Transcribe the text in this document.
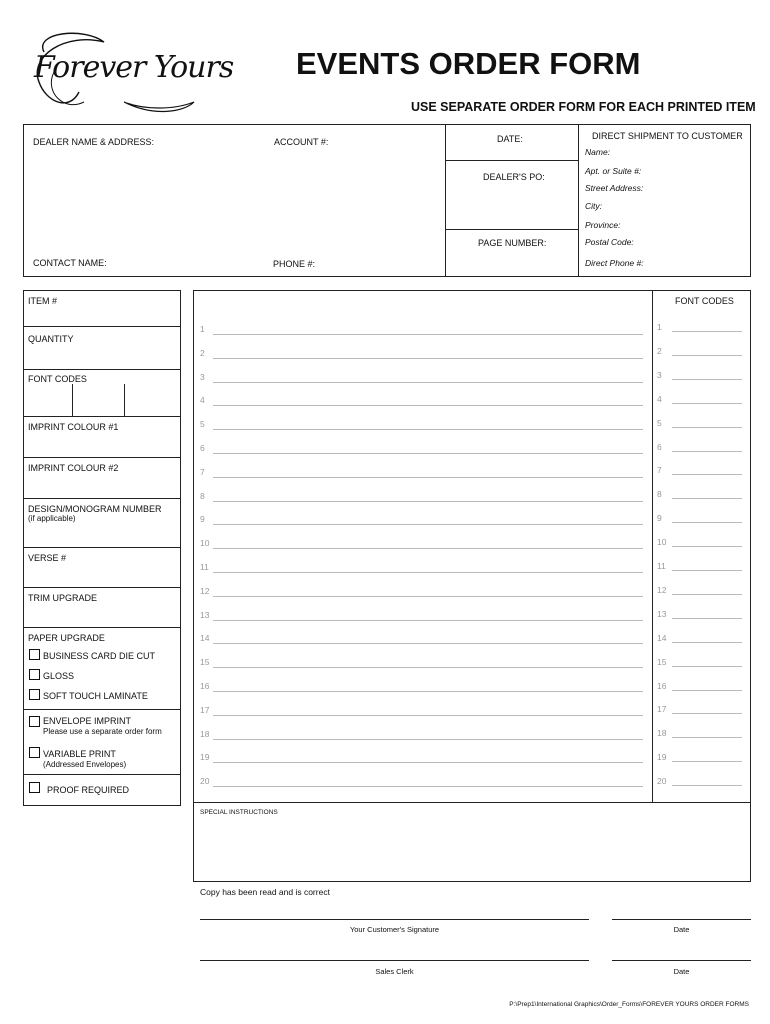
Forever Yours EVENTS ORDER FORM
USE SEPARATE ORDER FORM FOR EACH PRINTED ITEM
DEALER NAME & ADDRESS:	ACCOUNT #:
CONTACT NAME:	PHONE #:
DATE:
DEALER'S PO:
PAGE NUMBER:
DIRECT SHIPMENT TO CUSTOMER
Name:
Apt. or Suite #:
Street Address:
City:
Province:
Postal Code:
Direct Phone #:
ITEM #
QUANTITY
FONT CODES
IMPRINT COLOUR #1
IMPRINT COLOUR #2
DESIGN/MONOGRAM NUMBER
(if applicable)
VERSE #
TRIM UPGRADE
PAPER UPGRADE
BUSINESS CARD DIE CUT
GLOSS
SOFT TOUCH LAMINATE
ENVELOPE IMPRINT
Please use a separate order form
VARIABLE PRINT
(Addressed Envelopes)
PROOF REQUIRED
FONT CODES
1	1
2	2
3	3
4	4
5	5
6	6
7	7
8	8
9	9
10	10
11	11
12	12
13	13
14	14
15	15
16	16
17	17
18	18
19	19
20	20
SPECIAL INSTRUCTIONS
Copy has been read and is correct
Your Customer's Signature	Date
Sales Clerk	Date
P:\Prep1\International Graphics\Order_Forms\FOREVER YOURS ORDER FORMS
